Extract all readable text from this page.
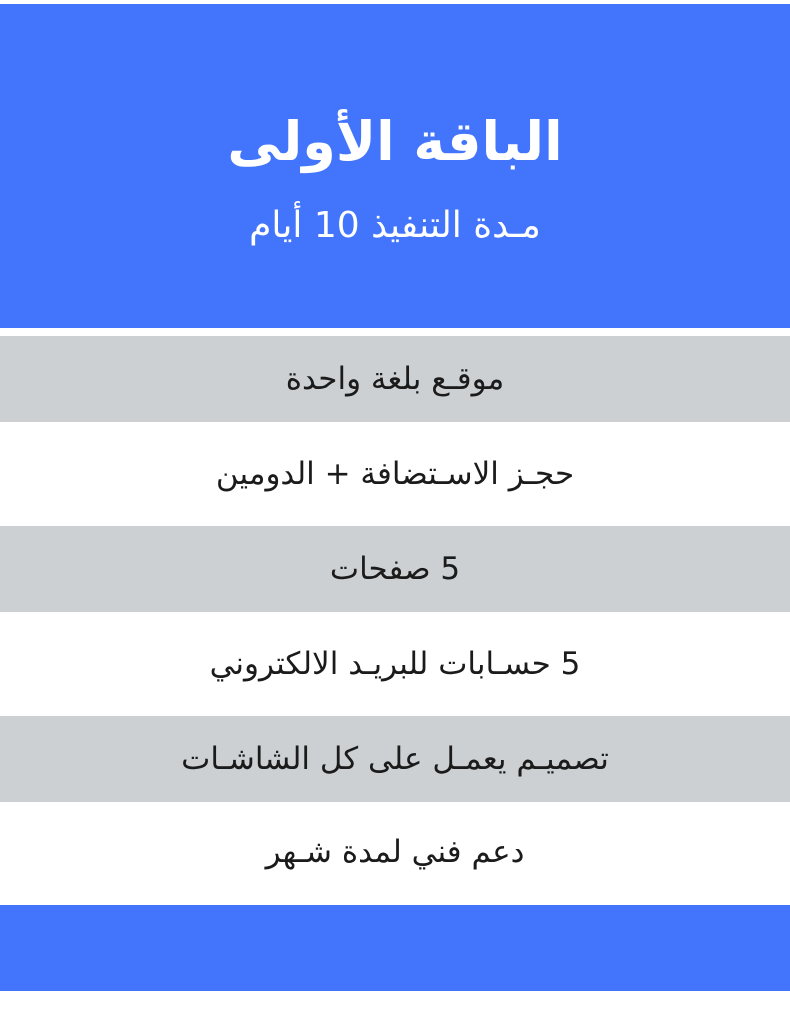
الباقة الأولى
مـدة التنفيذ 10 أيام
موقـع بلغة واحدة
حجـز الاسـتضافة + الدومين
5 صفحات
5 حسـابات للبريـد الالكتروني
تصميـم يعمـل على كل الشاشـات
دعم فني لمدة شـهر
